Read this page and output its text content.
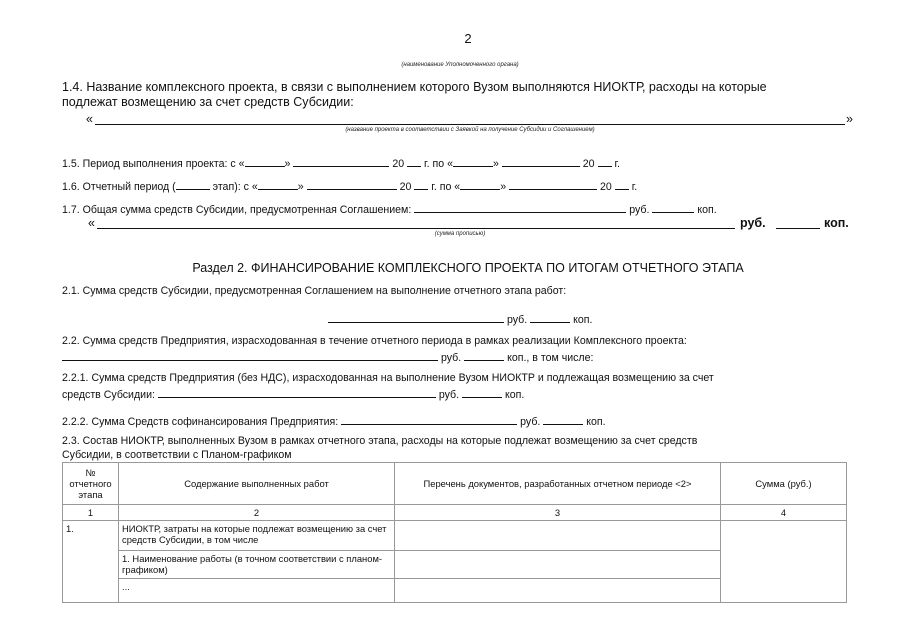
2
(наименование Уполномоченного органа)
1.4. Название комплексного проекта, в связи с выполнением которого Вузом выполняются НИОКТР, расходы на которые
подлежат возмещению за счет средств Субсидии:
«	»
(название проекта в соответствии с Заявкой на получение Субсидии и Соглашением)
1.5. Период выполнения проекта: с «	»	20 г. по «	»	20 г.
1.6. Отчетный период (	этап): с «	»	20 г. по «	»	20 г.
1.7. Общая сумма средств Субсидии, предусмотренная Соглашением:	руб.	коп.
«	руб.	коп.
(сумма прописью)
Раздел 2. ФИНАНСИРОВАНИЕ КОМПЛЕКСНОГО ПРОЕКТА ПО ИТОГАМ ОТЧЕТНОГО ЭТАПА
2.1. Сумма средств Субсидии, предусмотренная Соглашением на выполнение отчетного этапа работ:
руб.	коп.
2.2. Сумма средств Предприятия, израсходованная в течение отчетного периода в рамках реализации Комплексного проекта:
руб.	коп., в том числе:
2.2.1. Сумма средств Предприятия (без НДС), израсходованная на выполнение Вузом НИОКТР и подлежащая возмещению за счет
средств Субсидии:	руб.	коп.
2.2.2. Сумма Средств софинансирования Предприятия:	руб.	коп.
2.3. Состав НИОКТР, выполненных Вузом в рамках отчетного этапа, расходы на которые подлежат возмещению за счет средств
Субсидии, в соответствии с Планом-графиком
№ отчетного этапа	Содержание выполненных работ	Перечень документов, разработанных отчетном периоде <2>	Сумма (руб.)
1	2	3	4
1.	НИОКТР, затраты на которые подлежат возмещению за счет средств Субсидии, в том числе		
	1. Наименование работы (в точном соответствии с планом-графиком)		
	...		
